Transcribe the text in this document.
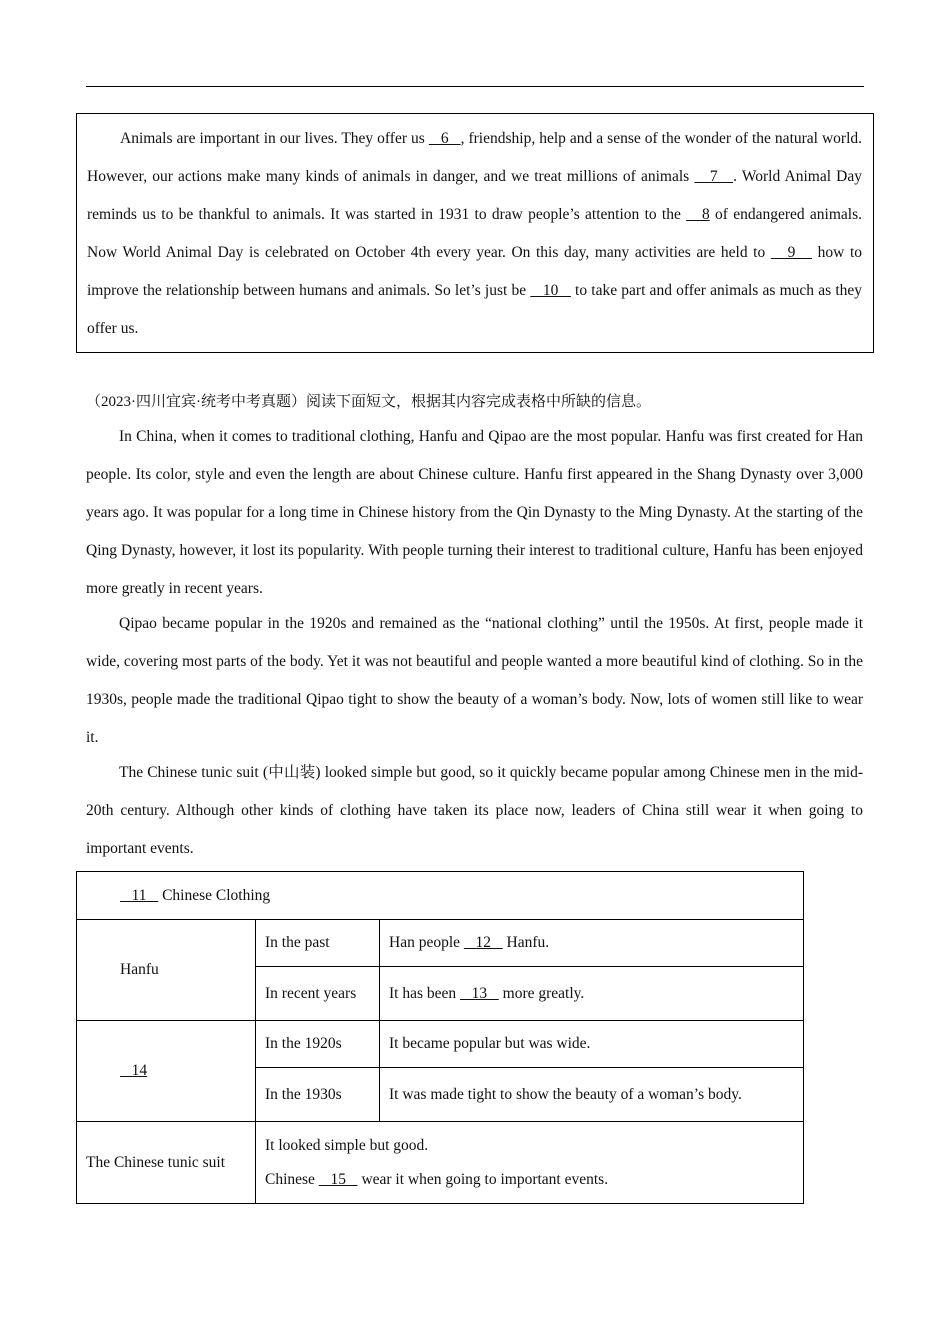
Animals are important in our lives. They offer us    6   , friendship, help and a sense of the wonder of the natural world. However, our actions make many kinds of animals in danger, and we treat millions of animals    7   . World Animal Day reminds us to be thankful to animals. It was started in 1931 to draw people’s attention to the    8 of endangered animals. Now World Animal Day is celebrated on October 4th every year. On this day, many activities are held to    9    how to improve the relationship between humans and animals. So let’s just be    10    to take part and offer animals as much as they offer us.

（2023·四川宜宾·统考中考真题）阅读下面短文，根据其内容完成表格中所缺的信息。

In China, when it comes to traditional clothing, Hanfu and Qipao are the most popular. Hanfu was first created for Han people. Its color, style and even the length are about Chinese culture. Hanfu first appeared in the Shang Dynasty over 3,000 years ago. It was popular for a long time in Chinese history from the Qin Dynasty to the Ming Dynasty. At the starting of the Qing Dynasty, however, it lost its popularity. With people turning their interest to traditional culture, Hanfu has been enjoyed more greatly in recent years.

Qipao became popular in the 1920s and remained as the “national clothing” until the 1950s. At first, people made it wide, covering most parts of the body. Yet it was not beautiful and people wanted a more beautiful kind of clothing. So in the 1930s, people made the traditional Qipao tight to show the beauty of a woman’s body. Now, lots of women still like to wear it.

The Chinese tunic suit (中山装) looked simple but good, so it quickly became popular among Chinese men in the mid-20th century. Although other kinds of clothing have taken its place now, leaders of China still wear it when going to important events.

11    Chinese Clothing		
Hanfu	In the past	Han people    12    Hanfu.
	In recent years	It has been    13    more greatly.
14	In the 1920s	It became popular but was wide.
	In the 1930s	It was made tight to show the beauty of a woman’s body.
The Chinese tunic suit	It looked simple but good.
Chinese    15    wear it when going to important events.	
